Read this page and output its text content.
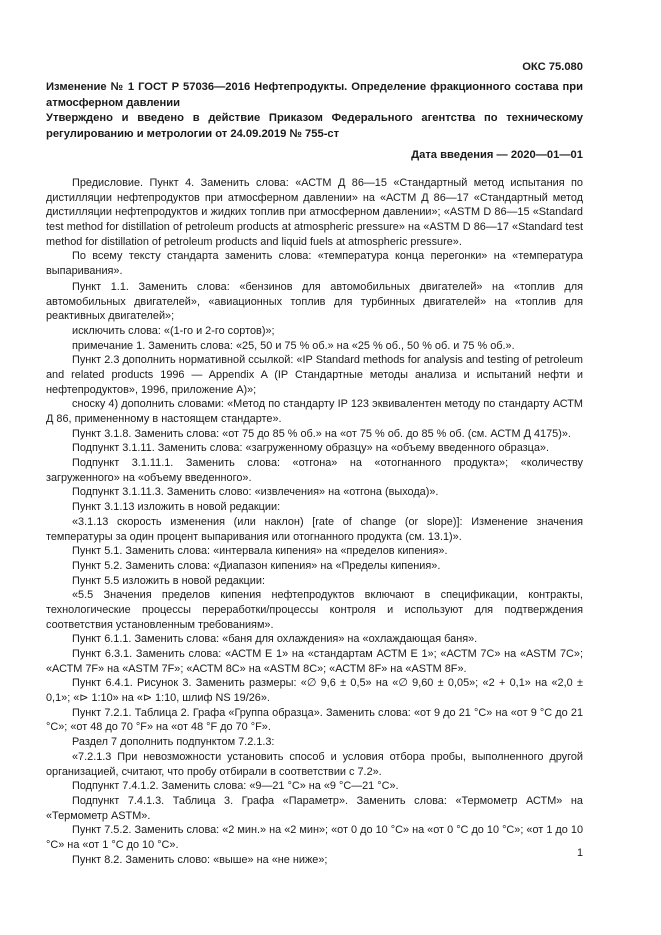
ОКС 75.080
Изменение № 1 ГОСТ Р 57036—2016 Нефтепродукты. Определение фракционного состава при атмосферном давлении
Утверждено и введено в действие Приказом Федерального агентства по техническому регулированию и метрологии от 24.09.2019 № 755-ст
Дата введения — 2020—01—01

Предисловие. Пункт 4. Заменить слова: «АСТМ Д 86—15 «Стандартный метод испытания по дистилляции нефтепродуктов при атмосферном давлении» на «АСТМ Д 86—17 «Стандартный метод дистилляции нефтепродуктов и жидких топлив при атмосферном давлении»; «ASTM D 86—15 «Standard test method for distillation of petroleum products at atmospheric pressure» на «ASTM D 86—17 «Standard test method for distillation of petroleum products and liquid fuels at atmospheric pressure».

По всему тексту стандарта заменить слова: «температура конца перегонки» на «температура выпаривания».

Пункт 1.1. Заменить слова: «бензинов для автомобильных двигателей» на «топлив для автомобильных двигателей», «авиационных топлив для турбинных двигателей» на «топлив для реактивных двигателей»;

исключить слова: «(1-го и 2-го сортов)»;

примечание 1. Заменить слова: «25, 50 и 75 % об.» на «25 % об., 50 % об. и 75 % об.».

Пункт 2.3 дополнить нормативной ссылкой: «IP Standard methods for analysis and testing of petroleum and related products 1996 — Appendix A (IP Стандартные методы анализа и испытаний нефти и нефтепродуктов», 1996, приложение A)»;

сноску 4) дополнить словами: «Метод по стандарту IP 123 эквивалентен методу по стандарту АСТМ Д 86, примененному в настоящем стандарте».

Пункт 3.1.8. Заменить слова: «от 75 до 85 % об.» на «от 75 % об. до 85 % об. (см. АСТМ Д 4175)».

Подпункт 3.1.11. Заменить слова: «загруженному образцу» на «объему введенного образца».

Подпункт 3.1.11.1. Заменить слова: «отгона» на «отогнанного продукта»; «количеству загруженного» на «объему введенного».

Подпункт 3.1.11.3. Заменить слово: «извлечения» на «отгона (выхода)».

Пункт 3.1.13 изложить в новой редакции:

«3.1.13 скорость изменения (или наклон) [rate of change (or slope)]: Изменение значения температуры за один процент выпаривания или отогнанного продукта (см. 13.1)».

Пункт 5.1. Заменить слова: «интервала кипения» на «пределов кипения».

Пункт 5.2. Заменить слова: «Диапазон кипения» на «Пределы кипения».

Пункт 5.5 изложить в новой редакции:

«5.5 Значения пределов кипения нефтепродуктов включают в спецификации, контракты, технологические процессы переработки/процессы контроля и используют для подтверждения соответствия установленным требованиям».

Пункт 6.1.1. Заменить слова: «баня для охлаждения» на «охлаждающая баня».

Пункт 6.3.1. Заменить слова: «АСТМ Е 1» на «стандартам АСТМ Е 1»; «АСТМ 7С» на «ASTM 7C»; «АСТМ 7F» на «ASTM 7F»; «АСТМ 8С» на «ASTM 8C»; «АСТМ 8F» на «ASTM 8F».

Пункт 6.4.1. Рисунок 3. Заменить размеры: «∅ 9,6 ± 0,5» на «∅ 9,60 ± 0,05»; «2 + 0,1» на «2,0 ± 0,1»; «⊳ 1:10» на «⊳ 1:10, шлиф NS 19/26».

Пункт 7.2.1. Таблица 2. Графа «Группа образца». Заменить слова: «от 9 до 21 °С» на «от 9 °С до 21 °С»; «от 48 до 70 °F» на «от 48 °F до 70 °F».

Раздел 7 дополнить подпунктом 7.2.1.3:

«7.2.1.3 При невозможности установить способ и условия отбора пробы, выполненного другой организацией, считают, что пробу отбирали в соответствии с 7.2».

Подпункт 7.4.1.2. Заменить слова: «9—21 °С» на «9 °С—21 °С».

Подпункт 7.4.1.3. Таблица 3. Графа «Параметр». Заменить слова: «Термометр АСТМ» на «Термометр ASTM».

Пункт 7.5.2. Заменить слова: «2 мин.» на «2 мин»; «от 0 до 10 °С» на «от 0 °С до 10 °С»; «от 1 до 10 °С» на «от 1 °С до 10 °С».

Пункт 8.2. Заменить слово: «выше» на «не ниже»;

1
